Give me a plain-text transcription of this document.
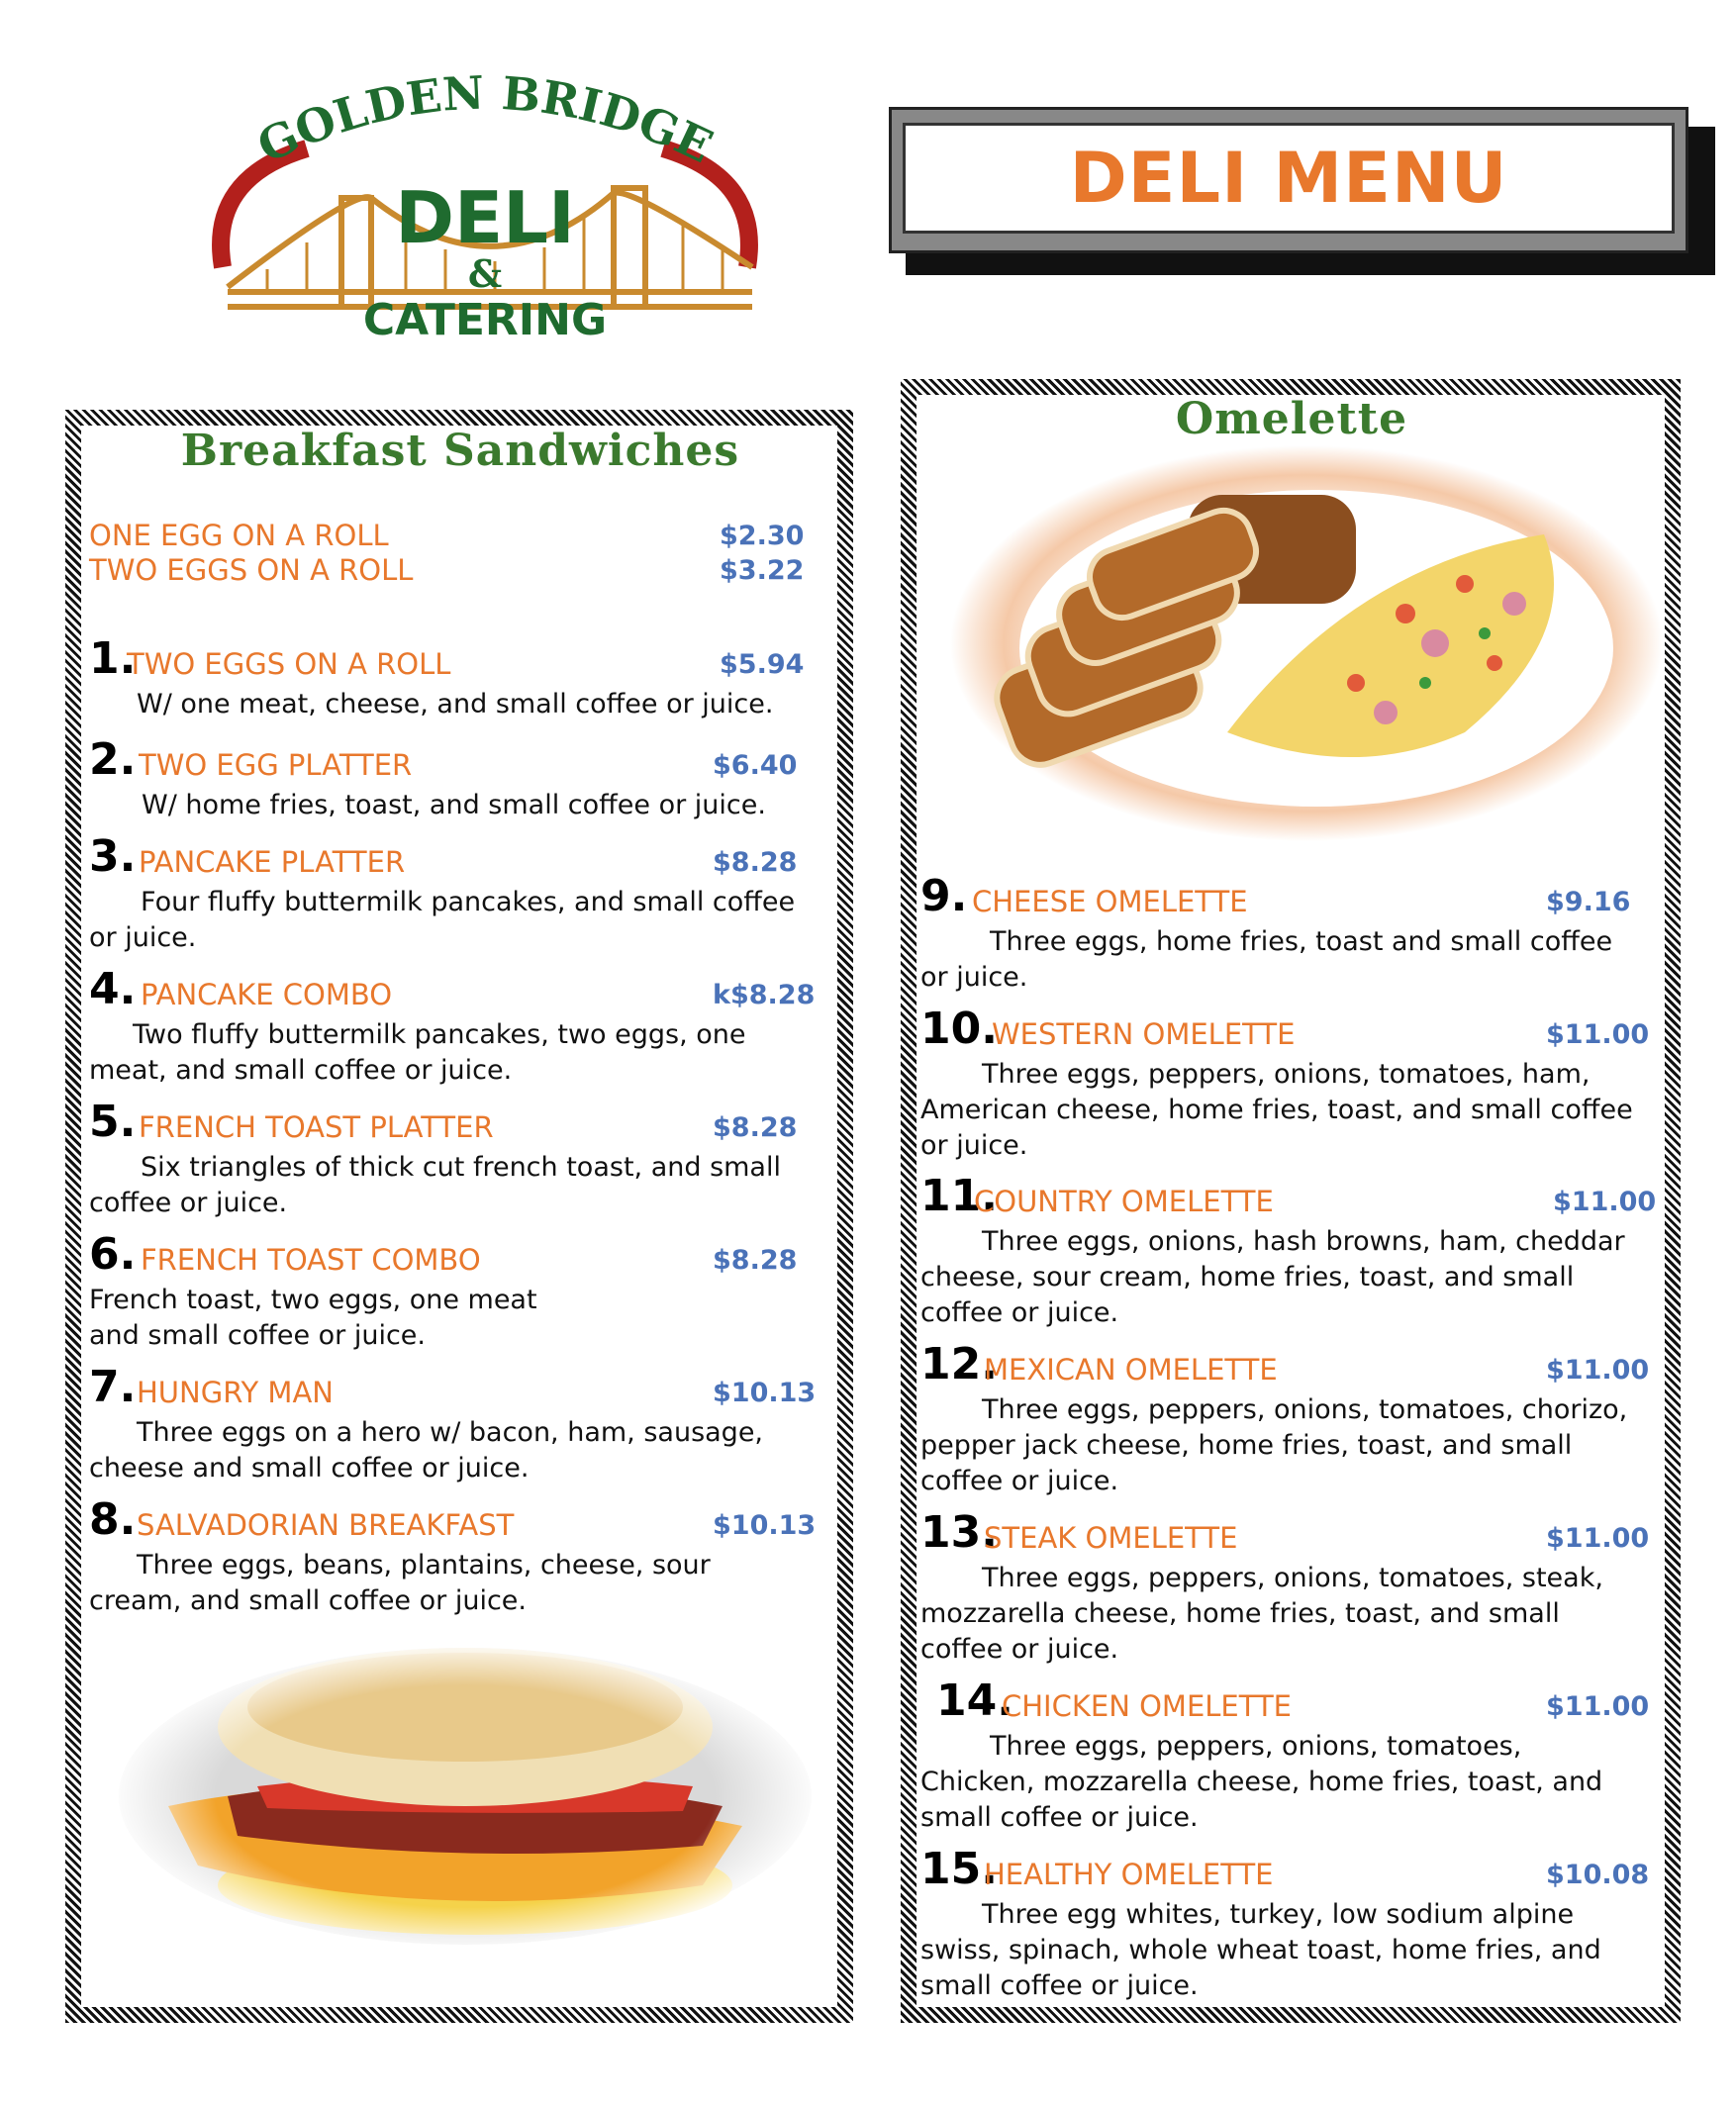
GOLDEN BRIDGE
DELI
&
CATERING
DELI MENU
Breakfast Sandwiches
ONE EGG ON A ROLL	$2.30
TWO EGGS ON A ROLL	$3.22
1.
TWO EGGS ON A ROLL	$5.94
W/ one meat, cheese, and small coffee or juice.
2. TWO EGG PLATTER	$6.40
W/ home fries, toast, and small coffee or juice.
3. PANCAKE PLATTER	$8.28
Four fluffy buttermilk pancakes, and small coffee or juice.
4. PANCAKE COMBO	k$8.28
Two fluffy buttermilk pancakes, two eggs, one meat, and small coffee or juice.
5. FRENCH TOAST PLATTER	$8.28
Six triangles of thick cut french toast, and small coffee or juice.
6. FRENCH TOAST COMBO	$8.28
French toast, two eggs, one meat and small coffee or juice.
7. HUNGRY MAN	$10.13
Three eggs on a hero w/ bacon, ham, sausage, cheese and small coffee or juice.
8. SALVADORIAN BREAKFAST	$10.13
Three eggs, beans, plantains, cheese, sour cream, and small coffee or juice.
Omelette
9. CHEESE OMELETTE	$9.16
Three eggs, home fries, toast and small coffee or juice.
10.
WESTERN OMELETTE	$11.00
Three eggs, peppers, onions, tomatoes, ham, American cheese, home fries, toast, and small coffee or juice.
11.
COUNTRY OMELETTE	$11.00
Three eggs, onions, hash browns, ham, cheddar cheese, sour cream, home fries, toast, and small coffee or juice.
12.
MEXICAN OMELETTE	$11.00
Three eggs, peppers, onions, tomatoes, chorizo, pepper jack cheese, home fries, toast, and small coffee or juice.
13.
STEAK OMELETTE	$11.00
Three eggs, peppers, onions, tomatoes, steak, mozzarella cheese, home fries, toast, and small coffee or juice.
14.
CHICKEN OMELETTE	$11.00
Three eggs, peppers, onions, tomatoes, Chicken, mozzarella cheese, home fries, toast, and small coffee or juice.
15.
HEALTHY OMELETTE	$10.08
Three egg whites, turkey, low sodium alpine swiss, spinach, whole wheat toast, home fries, and small coffee or juice.
